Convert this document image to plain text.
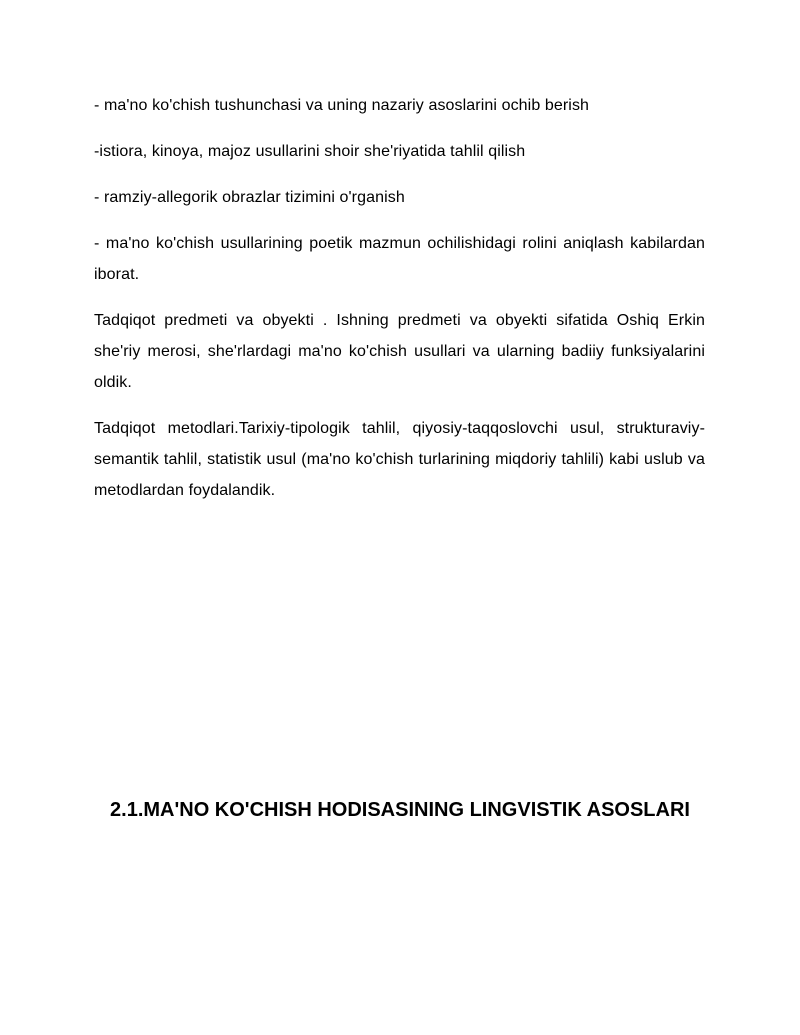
- ma'no ko'chish tushunchasi va uning nazariy asoslarini ochib berish

-istiora, kinoya, majoz usullarini shoir she'riyatida tahlil qilish

- ramziy-allegorik obrazlar tizimini o'rganish

- ma'no ko'chish usullarining poetik mazmun ochilishidagi rolini aniqlash kabilardan iborat.

Tadqiqot predmeti va obyekti . Ishning predmeti va obyekti sifatida Oshiq Erkin she'riy merosi, she'rlardagi ma'no ko'chish usullari va ularning badiiy funksiyalarini oldik.

Tadqiqot metodlari.Tarixiy-tipologik tahlil, qiyosiy-taqqoslovchi usul, strukturaviy-semantik tahlil, statistik usul (ma'no ko'chish turlarining miqdoriy tahlili) kabi uslub va metodlardan foydalandik.

2.1.MA'NO KO'CHISH HODISASINING LINGVISTIK ASOSLARI
